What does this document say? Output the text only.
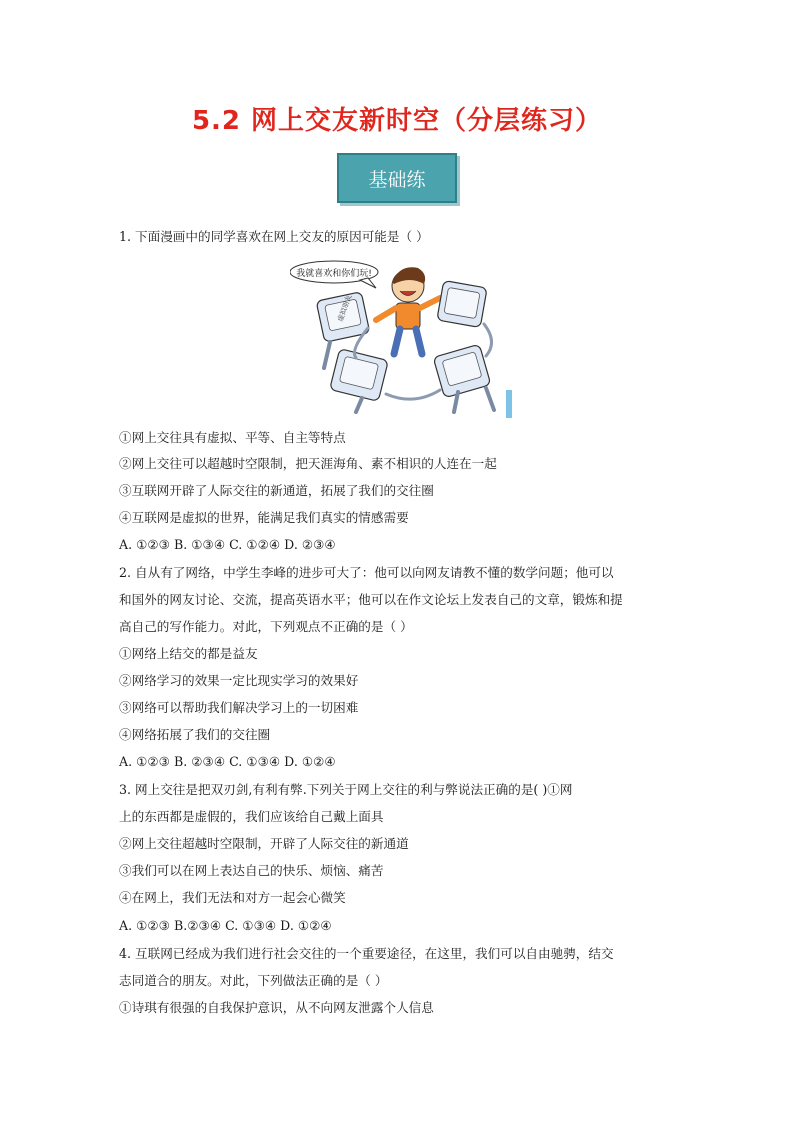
5.2 网上交友新时空（分层练习）
基础练
1. 下面漫画中的同学喜欢在网上交友的原因可能是（ ）
我就喜欢和你们玩!
虚拟朋友
①网上交往具有虚拟、平等、自主等特点
②网上交往可以超越时空限制，把天涯海角、素不相识的人连在一起
③互联网开辟了人际交往的新通道，拓展了我们的交往圈
④互联网是虚拟的世界，能满足我们真实的情感需要
A. ①②③ B. ①③④ C. ①②④ D. ②③④
2. 自从有了网络，中学生李峰的进步可大了：他可以向网友请教不懂的数学问题；他可以
和国外的网友讨论、交流，提高英语水平；他可以在作文论坛上发表自己的文章，锻炼和提
高自己的写作能力。对此，下列观点不正确的是（ ）
①网络上结交的都是益友
②网络学习的效果一定比现实学习的效果好
③网络可以帮助我们解决学习上的一切困难
④网络拓展了我们的交往圈
A. ①②③ B. ②③④ C. ①③④ D. ①②④
3. 网上交往是把双刃剑,有利有弊.下列关于网上交往的利与弊说法正确的是( )①网
上的东西都是虚假的，我们应该给自己戴上面具
②网上交往超越时空限制，开辟了人际交往的新通道
③我们可以在网上表达自己的快乐、烦恼、痛苦
④在网上，我们无法和对方一起会心微笑
A. ①②③ B.②③④ C. ①③④ D. ①②④
4. 互联网已经成为我们进行社会交往的一个重要途径，在这里，我们可以自由驰骋，结交
志同道合的朋友。对此，下列做法正确的是（ ）
①诗琪有很强的自我保护意识，从不向网友泄露个人信息
